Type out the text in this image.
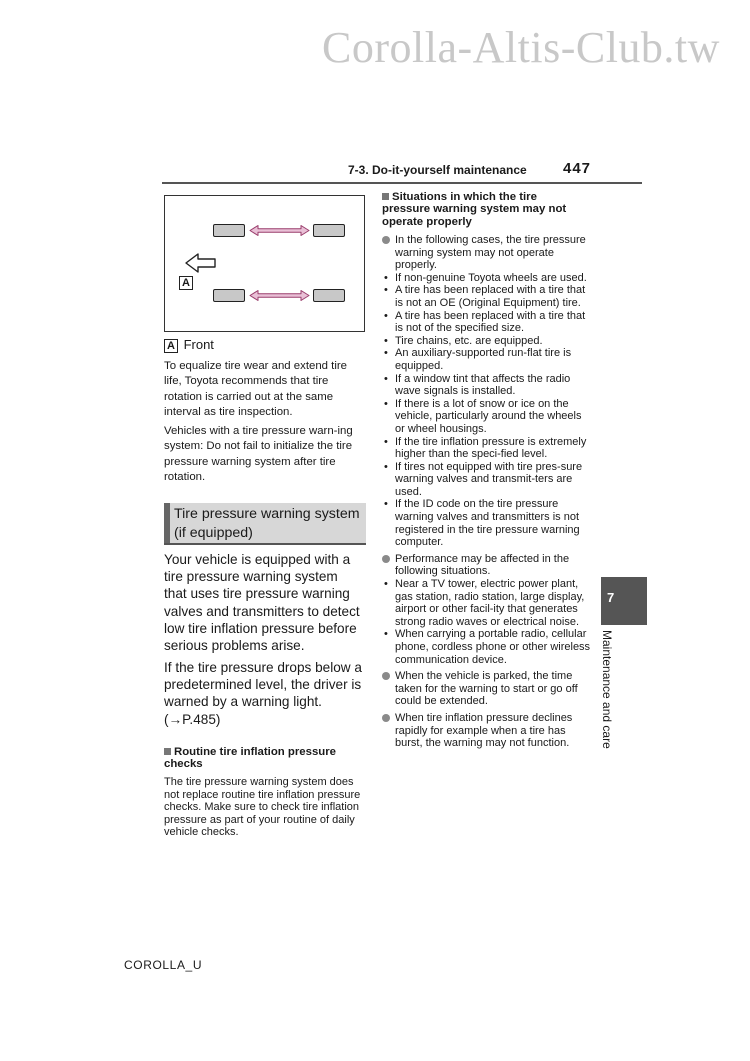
Corolla-Altis-Club.tw
7-3. Do-it-yourself maintenance 447
A
A Front
To equalize tire wear and extend tire life, Toyota recommends that tire rotation is carried out at the same interval as tire inspection.
Vehicles with a tire pressure warn-ing system: Do not fail to initialize the tire pressure warning system after tire rotation.
Tire pressure warning system (if equipped)
Your vehicle is equipped with a tire pressure warning system that uses tire pressure warning valves and transmitters to detect low tire inflation pressure before serious problems arise.
If the tire pressure drops below a predetermined level, the driver is warned by a warning light. (→P.485)
Routine tire inflation pressure checks
The tire pressure warning system does not replace routine tire inflation pressure checks. Make sure to check tire inflation pressure as part of your routine of daily vehicle checks.
Situations in which the tire pressure warning system may not operate properly
In the following cases, the tire pressure warning system may not operate properly.
• If non-genuine Toyota wheels are used.
• A tire has been replaced with a tire that is not an OE (Original Equipment) tire.
• A tire has been replaced with a tire that is not of the specified size.
• Tire chains, etc. are equipped.
• An auxiliary-supported run-flat tire is equipped.
• If a window tint that affects the radio wave signals is installed.
• If there is a lot of snow or ice on the vehicle, particularly around the wheels or wheel housings.
• If the tire inflation pressure is extremely higher than the speci-fied level.
• If tires not equipped with tire pres-sure warning valves and transmit-ters are used.
• If the ID code on the tire pressure warning valves and transmitters is not registered in the tire pressure warning computer.
Performance may be affected in the following situations.
• Near a TV tower, electric power plant, gas station, radio station, large display, airport or other facil-ity that generates strong radio waves or electrical noise.
• When carrying a portable radio, cellular phone, cordless phone or other wireless communication device.
When the vehicle is parked, the time taken for the warning to start or go off could be extended.
When tire inflation pressure declines rapidly for example when a tire has burst, the warning may not function.
7
Maintenance and care
COROLLA_U
